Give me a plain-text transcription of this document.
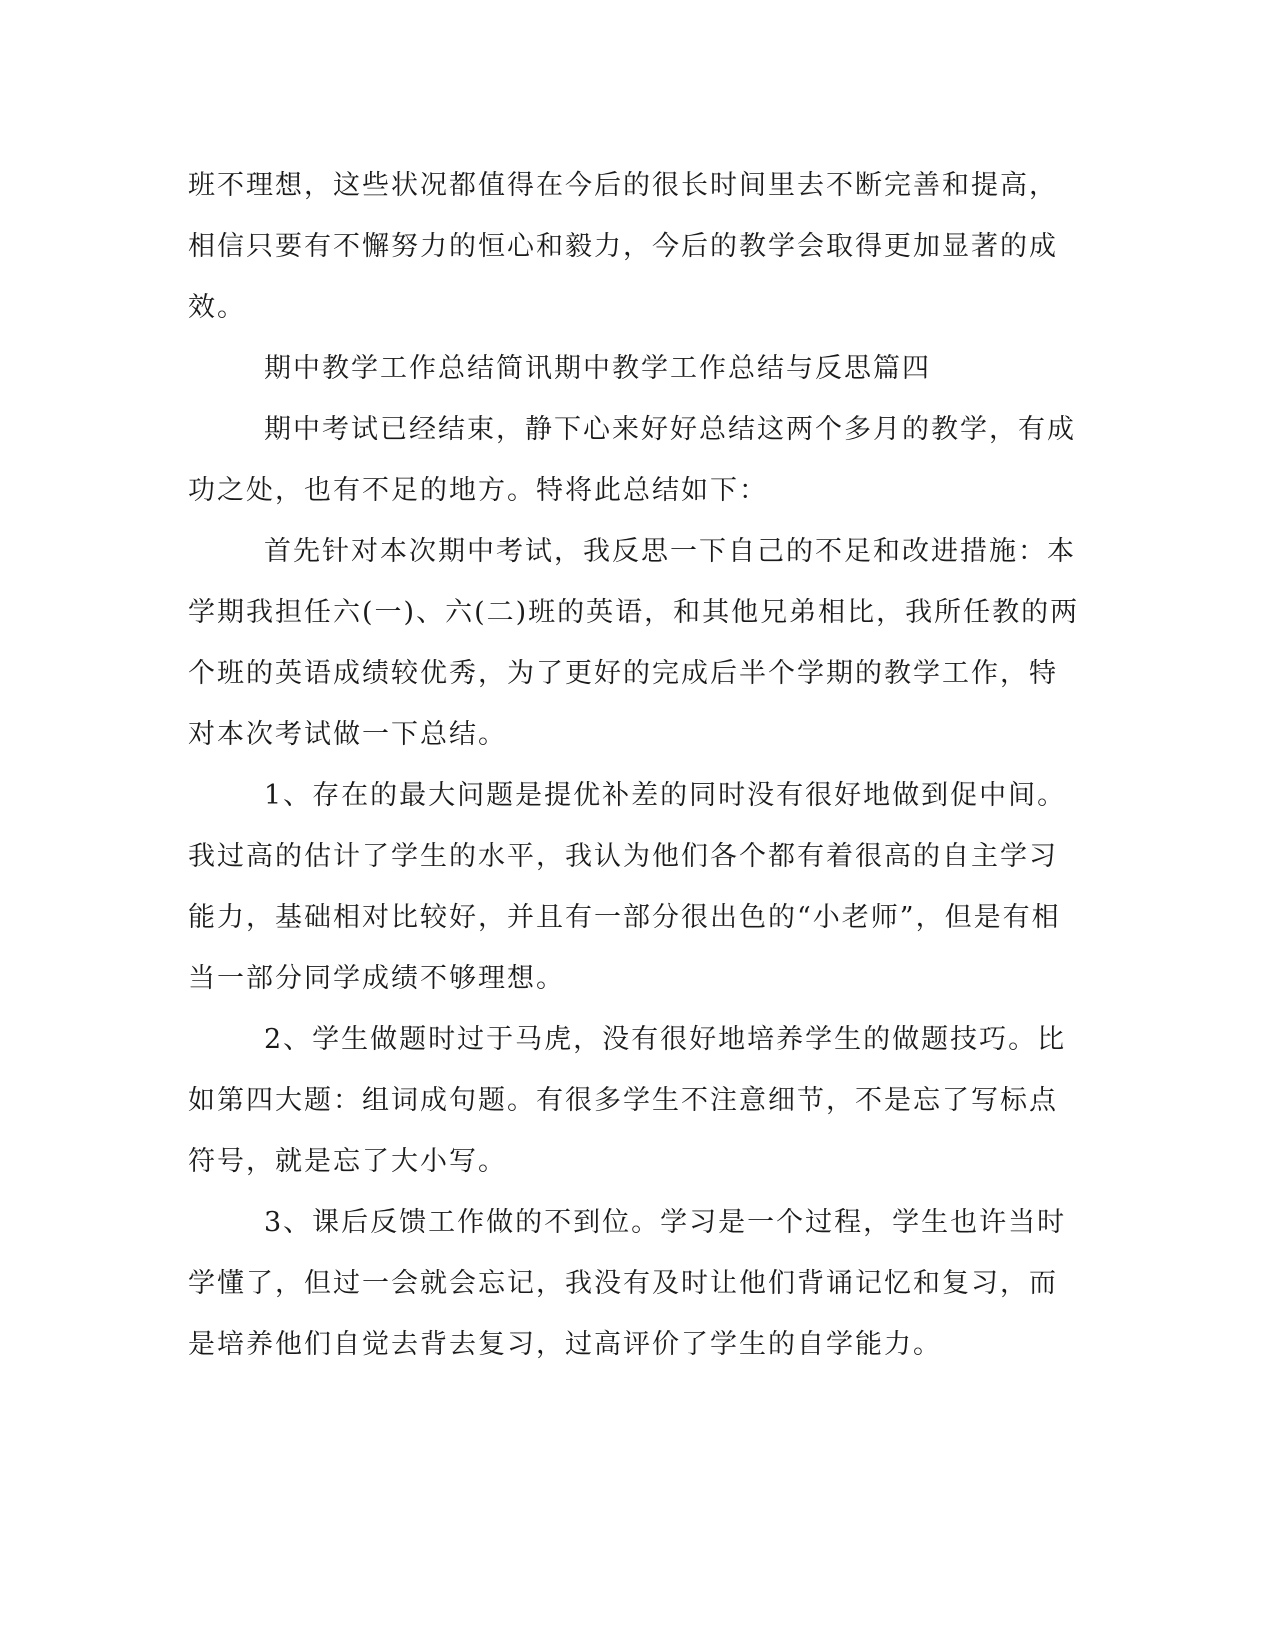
班不理想，这些状况都值得在今后的很长时间里去不断完善和提高，
相信只要有不懈努力的恒心和毅力，今后的教学会取得更加显著的成
效。
期中教学工作总结简讯期中教学工作总结与反思篇四
期中考试已经结束，静下心来好好总结这两个多月的教学，有成
功之处，也有不足的地方。特将此总结如下：
首先针对本次期中考试，我反思一下自己的不足和改进措施：本
学期我担任六(一)、六(二)班的英语，和其他兄弟相比，我所任教的两
个班的英语成绩较优秀，为了更好的完成后半个学期的教学工作，特
对本次考试做一下总结。
1、存在的最大问题是提优补差的同时没有很好地做到促中间。
我过高的估计了学生的水平，我认为他们各个都有着很高的自主学习
能力，基础相对比较好，并且有一部分很出色的“小老师”，但是有相
当一部分同学成绩不够理想。
2、学生做题时过于马虎，没有很好地培养学生的做题技巧。比
如第四大题：组词成句题。有很多学生不注意细节，不是忘了写标点
符号，就是忘了大小写。
3、课后反馈工作做的不到位。学习是一个过程，学生也许当时
学懂了，但过一会就会忘记，我没有及时让他们背诵记忆和复习，而
是培养他们自觉去背去复习，过高评价了学生的自学能力。
